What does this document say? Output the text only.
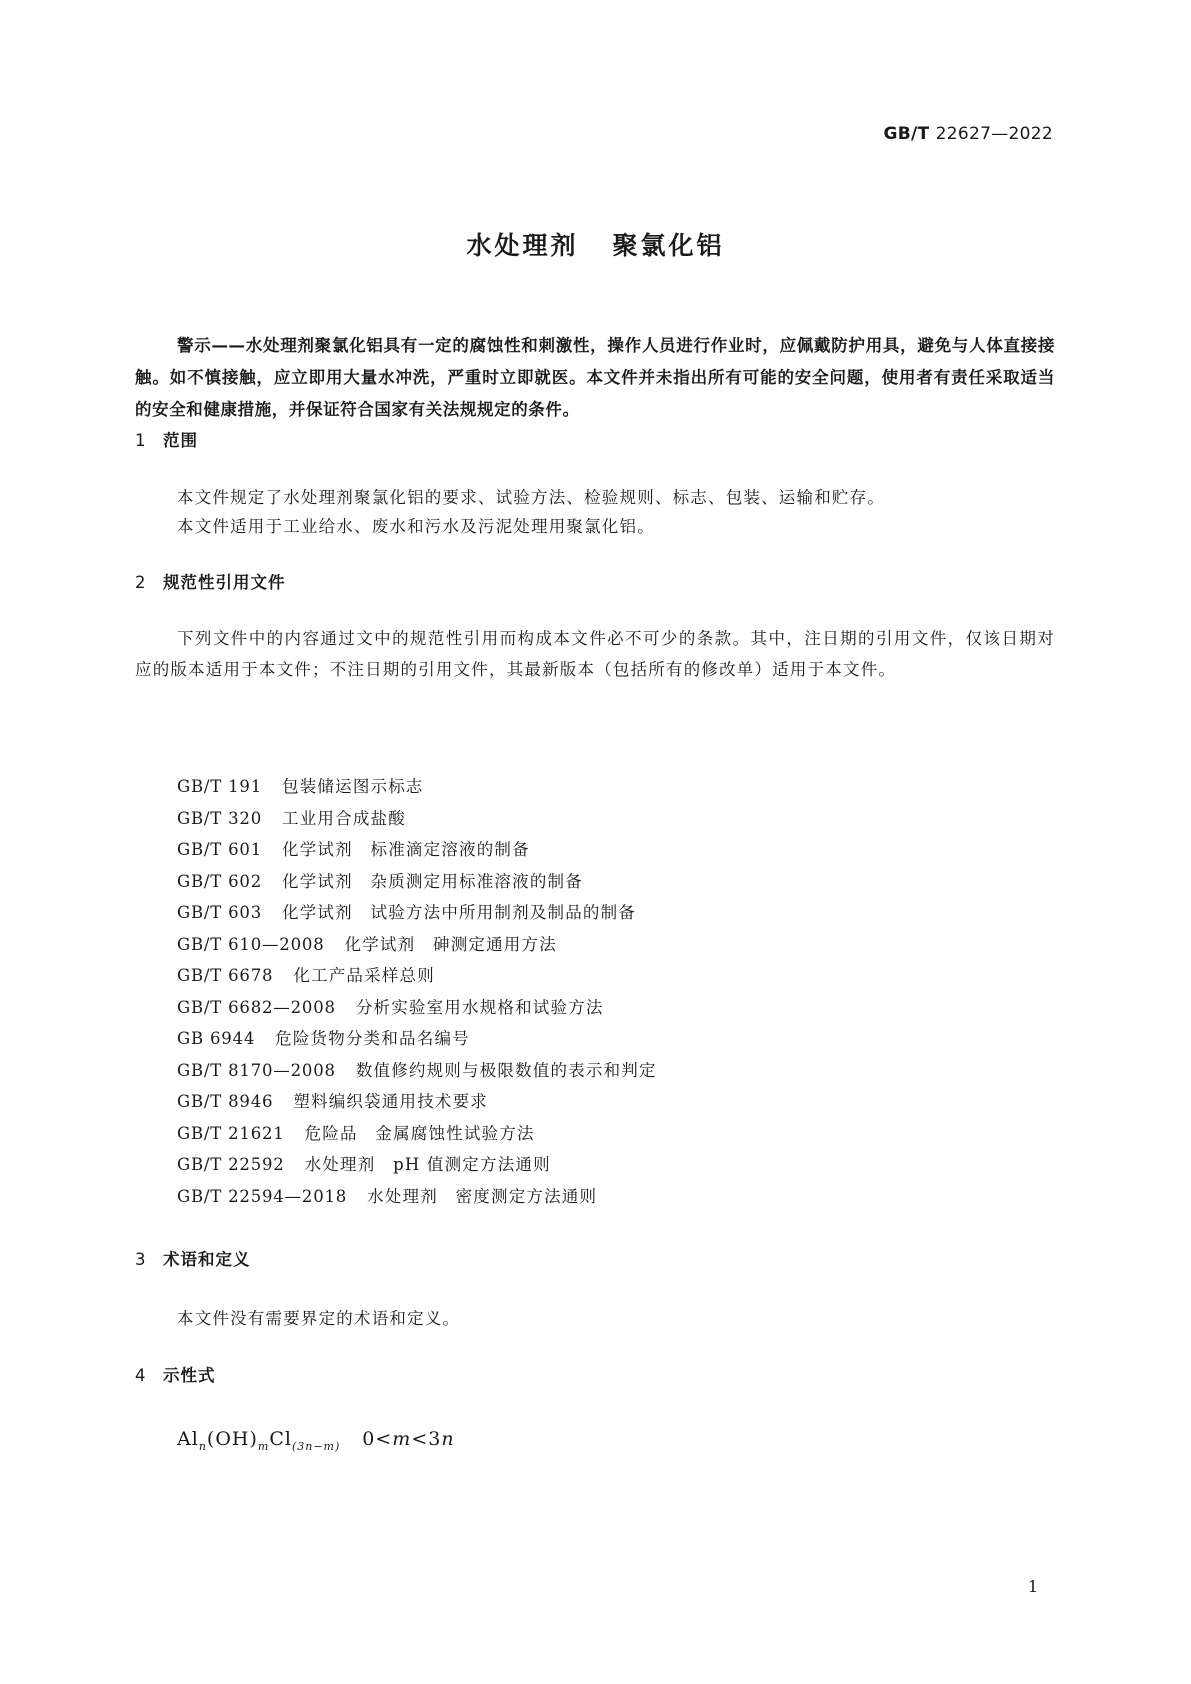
GB/T 22627—2022
水处理剂 聚氯化铝
警示——水处理剂聚氯化铝具有一定的腐蚀性和刺激性，操作人员进行作业时，应佩戴防护用具，避免与人体直接接触。如不慎接触，应立即用大量水冲洗，严重时立即就医。本文件并未指出所有可能的安全问题，使用者有责任采取适当的安全和健康措施，并保证符合国家有关法规规定的条件。
1 范围
本文件规定了水处理剂聚氯化铝的要求、试验方法、检验规则、标志、包装、运输和贮存。
本文件适用于工业给水、废水和污水及污泥处理用聚氯化铝。
2 规范性引用文件
下列文件中的内容通过文中的规范性引用而构成本文件必不可少的条款。其中，注日期的引用文件，仅该日期对应的版本适用于本文件；不注日期的引用文件，其最新版本（包括所有的修改单）适用于本文件。
GB/T 191 包装储运图示标志
GB/T 320 工业用合成盐酸
GB/T 601 化学试剂　标准滴定溶液的制备
GB/T 602 化学试剂　杂质测定用标准溶液的制备
GB/T 603 化学试剂　试验方法中所用制剂及制品的制备
GB/T 610—2008 化学试剂　砷测定通用方法
GB/T 6678 化工产品采样总则
GB/T 6682—2008 分析实验室用水规格和试验方法
GB 6944 危险货物分类和品名编号
GB/T 8170—2008 数值修约规则与极限数值的表示和判定
GB/T 8946 塑料编织袋通用技术要求
GB/T 21621 危险品　金属腐蚀性试验方法
GB/T 22592 水处理剂　pH 值测定方法通则
GB/T 22594—2018 水处理剂　密度测定方法通则
3 术语和定义
本文件没有需要界定的术语和定义。
4 示性式
$Al_n(OH)_mCl_{(3n-m)}$ 0<m<3n
1
